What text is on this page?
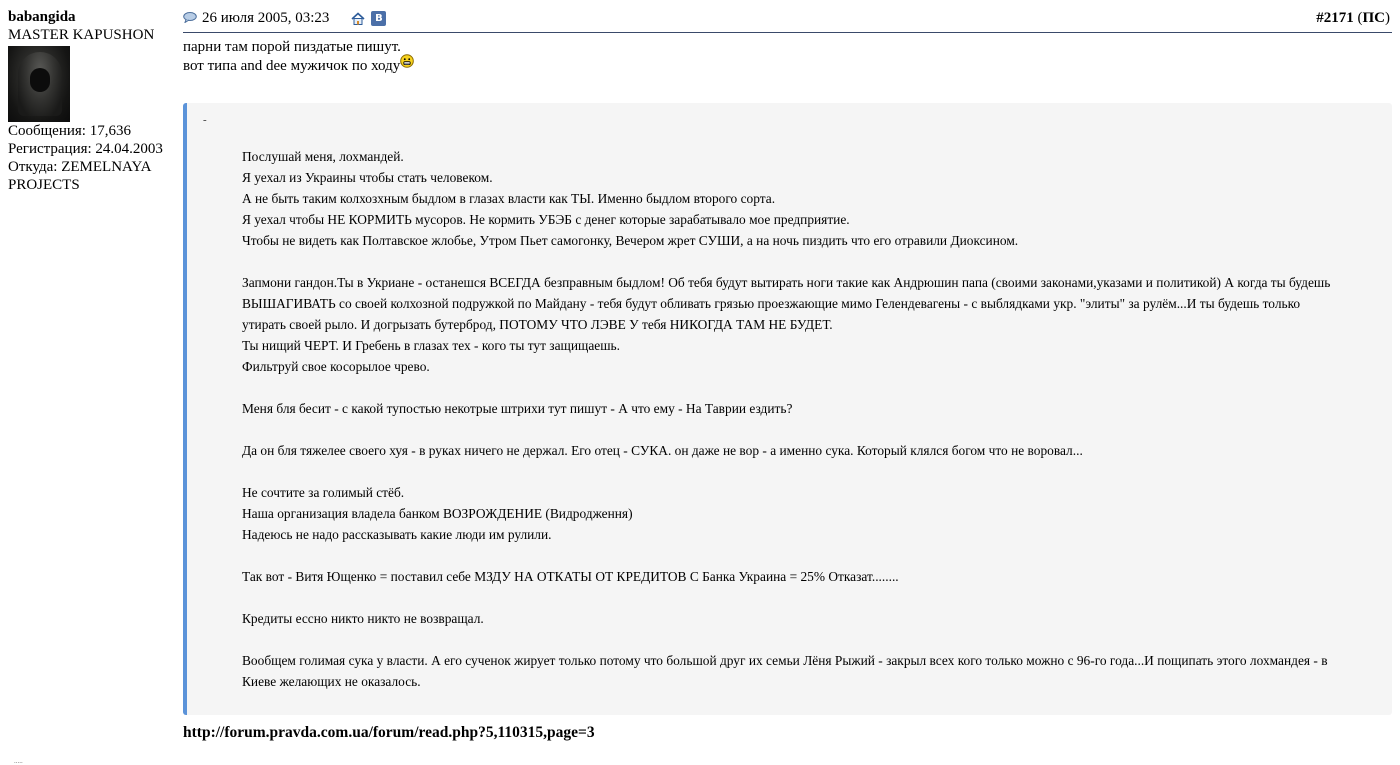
babangida
MASTER KAPUSHON
Сообщения: 17,636
Регистрация: 24.04.2003
Откуда: ZEMELNAYA PROJECTS
26 июля 2005, 03:23	В	#2171 (ПС)
парни там порой пиздатые пишут.
вот типа and dee мужичок по ходу
-

Послушай меня, лохмандей.

Я уехал из Украины чтобы стать человеком.

А не быть таким колхозхным быдлом в глазах власти как ТЫ. Именно быдлом второго сорта.

Я уехал чтобы НЕ КОРМИТЬ мусоров. Не кормить УБЭБ с денег которые зарабатывало мое предприятие.

Чтобы не видеть как Полтавское жлобье, Утром Пьет самогонку, Вечером жрет СУШИ, а на ночь пиздить что его отравили Диоксином.

Запмони гандон.Ты в Укриане - останешся ВСЕГДА безправным быдлом! Об тебя будут вытирать ноги такие как Андрюшин папа (своими законами,указами и политикой) А когда ты будешь ВЫШАГИВАТЬ со своей колхозной подружкой по Майдану - тебя будут обливать грязью проезжающие мимо Гелендевагены - с выблядками укр. "элиты" за рулём...И ты будешь только утирать своей рыло. И догрызать бутерброд, ПОТОМУ ЧТО ЛЭВЕ У тебя НИКОГДА ТАМ НЕ БУДЕТ.

Ты нищий ЧЕРТ. И Гребень в глазах тех - кого ты тут защищаешь.

Фильтруй свое косорылое чрево.

Меня бля бесит - с какой тупостью некотрые штрихи тут пишут - А что ему - На Таврии ездить?

Да он бля тяжелее своего хуя - в руках ничего не держал. Его отец - СУКА. он даже не вор - а именно сука. Который клялся богом что не воровал...

Не сочтите за голимый стёб.

Наша организация владела банком ВОЗРОЖДЕНИЕ (Видродження)

Надеюсь не надо рассказывать какие люди им рулили.

Так вот - Витя Ющенко = поставил себе МЗДУ НА ОТКАТЫ ОТ КРЕДИТОВ С Банка Украина = 25% Отказат........

Кредиты ессно никто никто не возвращал.

Вообщем голимая сука у власти. А его сученок жирует только потому что большой друг их семьи Лёня Рыжий - закрыл всех кого только можно с 96-го года...И пощипать этого лохмандея - в Киеве желающих не оказалось.

http://forum.pravda.com.ua/forum/read.php?5,110315,page=3
.....
